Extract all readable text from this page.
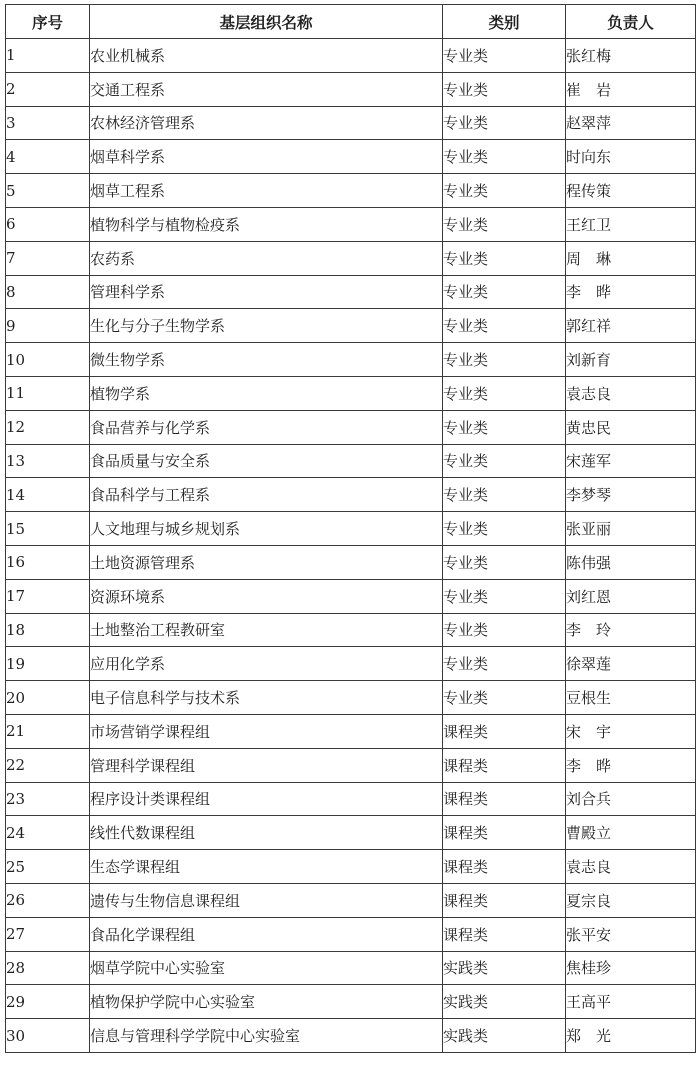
序号	基层组织名称	类别	负责人
1	农业机械系	专业类	张红梅
2	交通工程系	专业类	崔　岩
3	农林经济管理系	专业类	赵翠萍
4	烟草科学系	专业类	时向东
5	烟草工程系	专业类	程传策
6	植物科学与植物检疫系	专业类	王红卫
7	农药系	专业类	周　琳
8	管理科学系	专业类	李　晔
9	生化与分子生物学系	专业类	郭红祥
10	微生物学系	专业类	刘新育
11	植物学系	专业类	袁志良
12	食品营养与化学系	专业类	黄忠民
13	食品质量与安全系	专业类	宋莲军
14	食品科学与工程系	专业类	李梦琴
15	人文地理与城乡规划系	专业类	张亚丽
16	土地资源管理系	专业类	陈伟强
17	资源环境系	专业类	刘红恩
18	土地整治工程教研室	专业类	李　玲
19	应用化学系	专业类	徐翠莲
20	电子信息科学与技术系	专业类	豆根生
21	市场营销学课程组	课程类	宋　宇
22	管理科学课程组	课程类	李　晔
23	程序设计类课程组	课程类	刘合兵
24	线性代数课程组	课程类	曹殿立
25	生态学课程组	课程类	袁志良
26	遗传与生物信息课程组	课程类	夏宗良
27	食品化学课程组	课程类	张平安
28	烟草学院中心实验室	实践类	焦桂珍
29	植物保护学院中心实验室	实践类	王高平
30	信息与管理科学学院中心实验室	实践类	郑　光
